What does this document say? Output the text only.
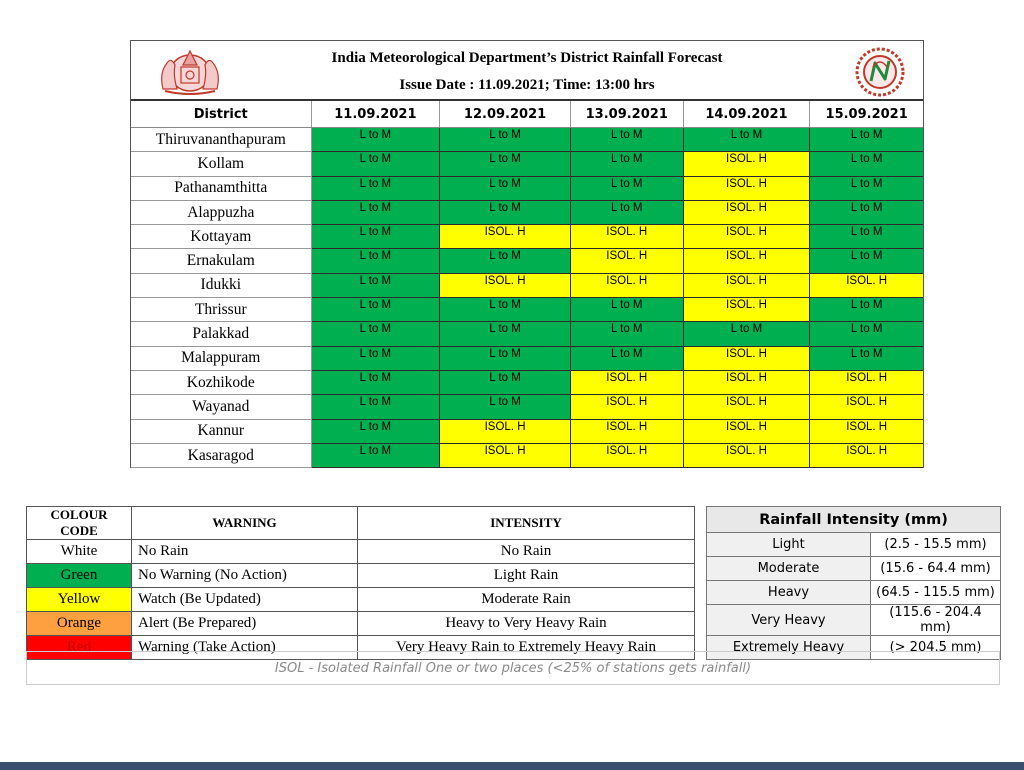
India Meteorological Department’s District Rainfall Forecast
Issue Date : 11.09.2021; Time: 13:00 hrs
District	11.09.2021	12.09.2021	13.09.2021	14.09.2021	15.09.2021
Thiruvananthapuram	L to M	L to M	L to M	L to M	L to M
Kollam	L to M	L to M	L to M	ISOL. H	L to M
Pathanamthitta	L to M	L to M	L to M	ISOL. H	L to M
Alappuzha	L to M	L to M	L to M	ISOL. H	L to M
Kottayam	L to M	ISOL. H	ISOL. H	ISOL. H	L to M
Ernakulam	L to M	L to M	ISOL. H	ISOL. H	L to M
Idukki	L to M	ISOL. H	ISOL. H	ISOL. H	ISOL. H
Thrissur	L to M	L to M	L to M	ISOL. H	L to M
Palakkad	L to M	L to M	L to M	L to M	L to M
Malappuram	L to M	L to M	L to M	ISOL. H	L to M
Kozhikode	L to M	L to M	ISOL. H	ISOL. H	ISOL. H
Wayanad	L to M	L to M	ISOL. H	ISOL. H	ISOL. H
Kannur	L to M	ISOL. H	ISOL. H	ISOL. H	ISOL. H
Kasaragod	L to M	ISOL. H	ISOL. H	ISOL. H	ISOL. H
COLOUR CODE	WARNING	INTENSITY
White	No Rain	No Rain
Green	No Warning (No Action)	Light Rain
Yellow	Watch (Be Updated)	Moderate Rain
Orange	Alert (Be Prepared)	Heavy to Very Heavy Rain
Red	Warning (Take Action)	Very Heavy Rain to Extremely Heavy Rain
Rainfall Intensity (mm)	
Light	(2.5 - 15.5 mm)
Moderate	(15.6 - 64.4 mm)
Heavy	(64.5 - 115.5 mm)
Very Heavy	(115.6 - 204.4 mm)
Extremely Heavy	(> 204.5 mm)
ISOL - Isolated Rainfall One or two places (<25% of stations gets rainfall)
